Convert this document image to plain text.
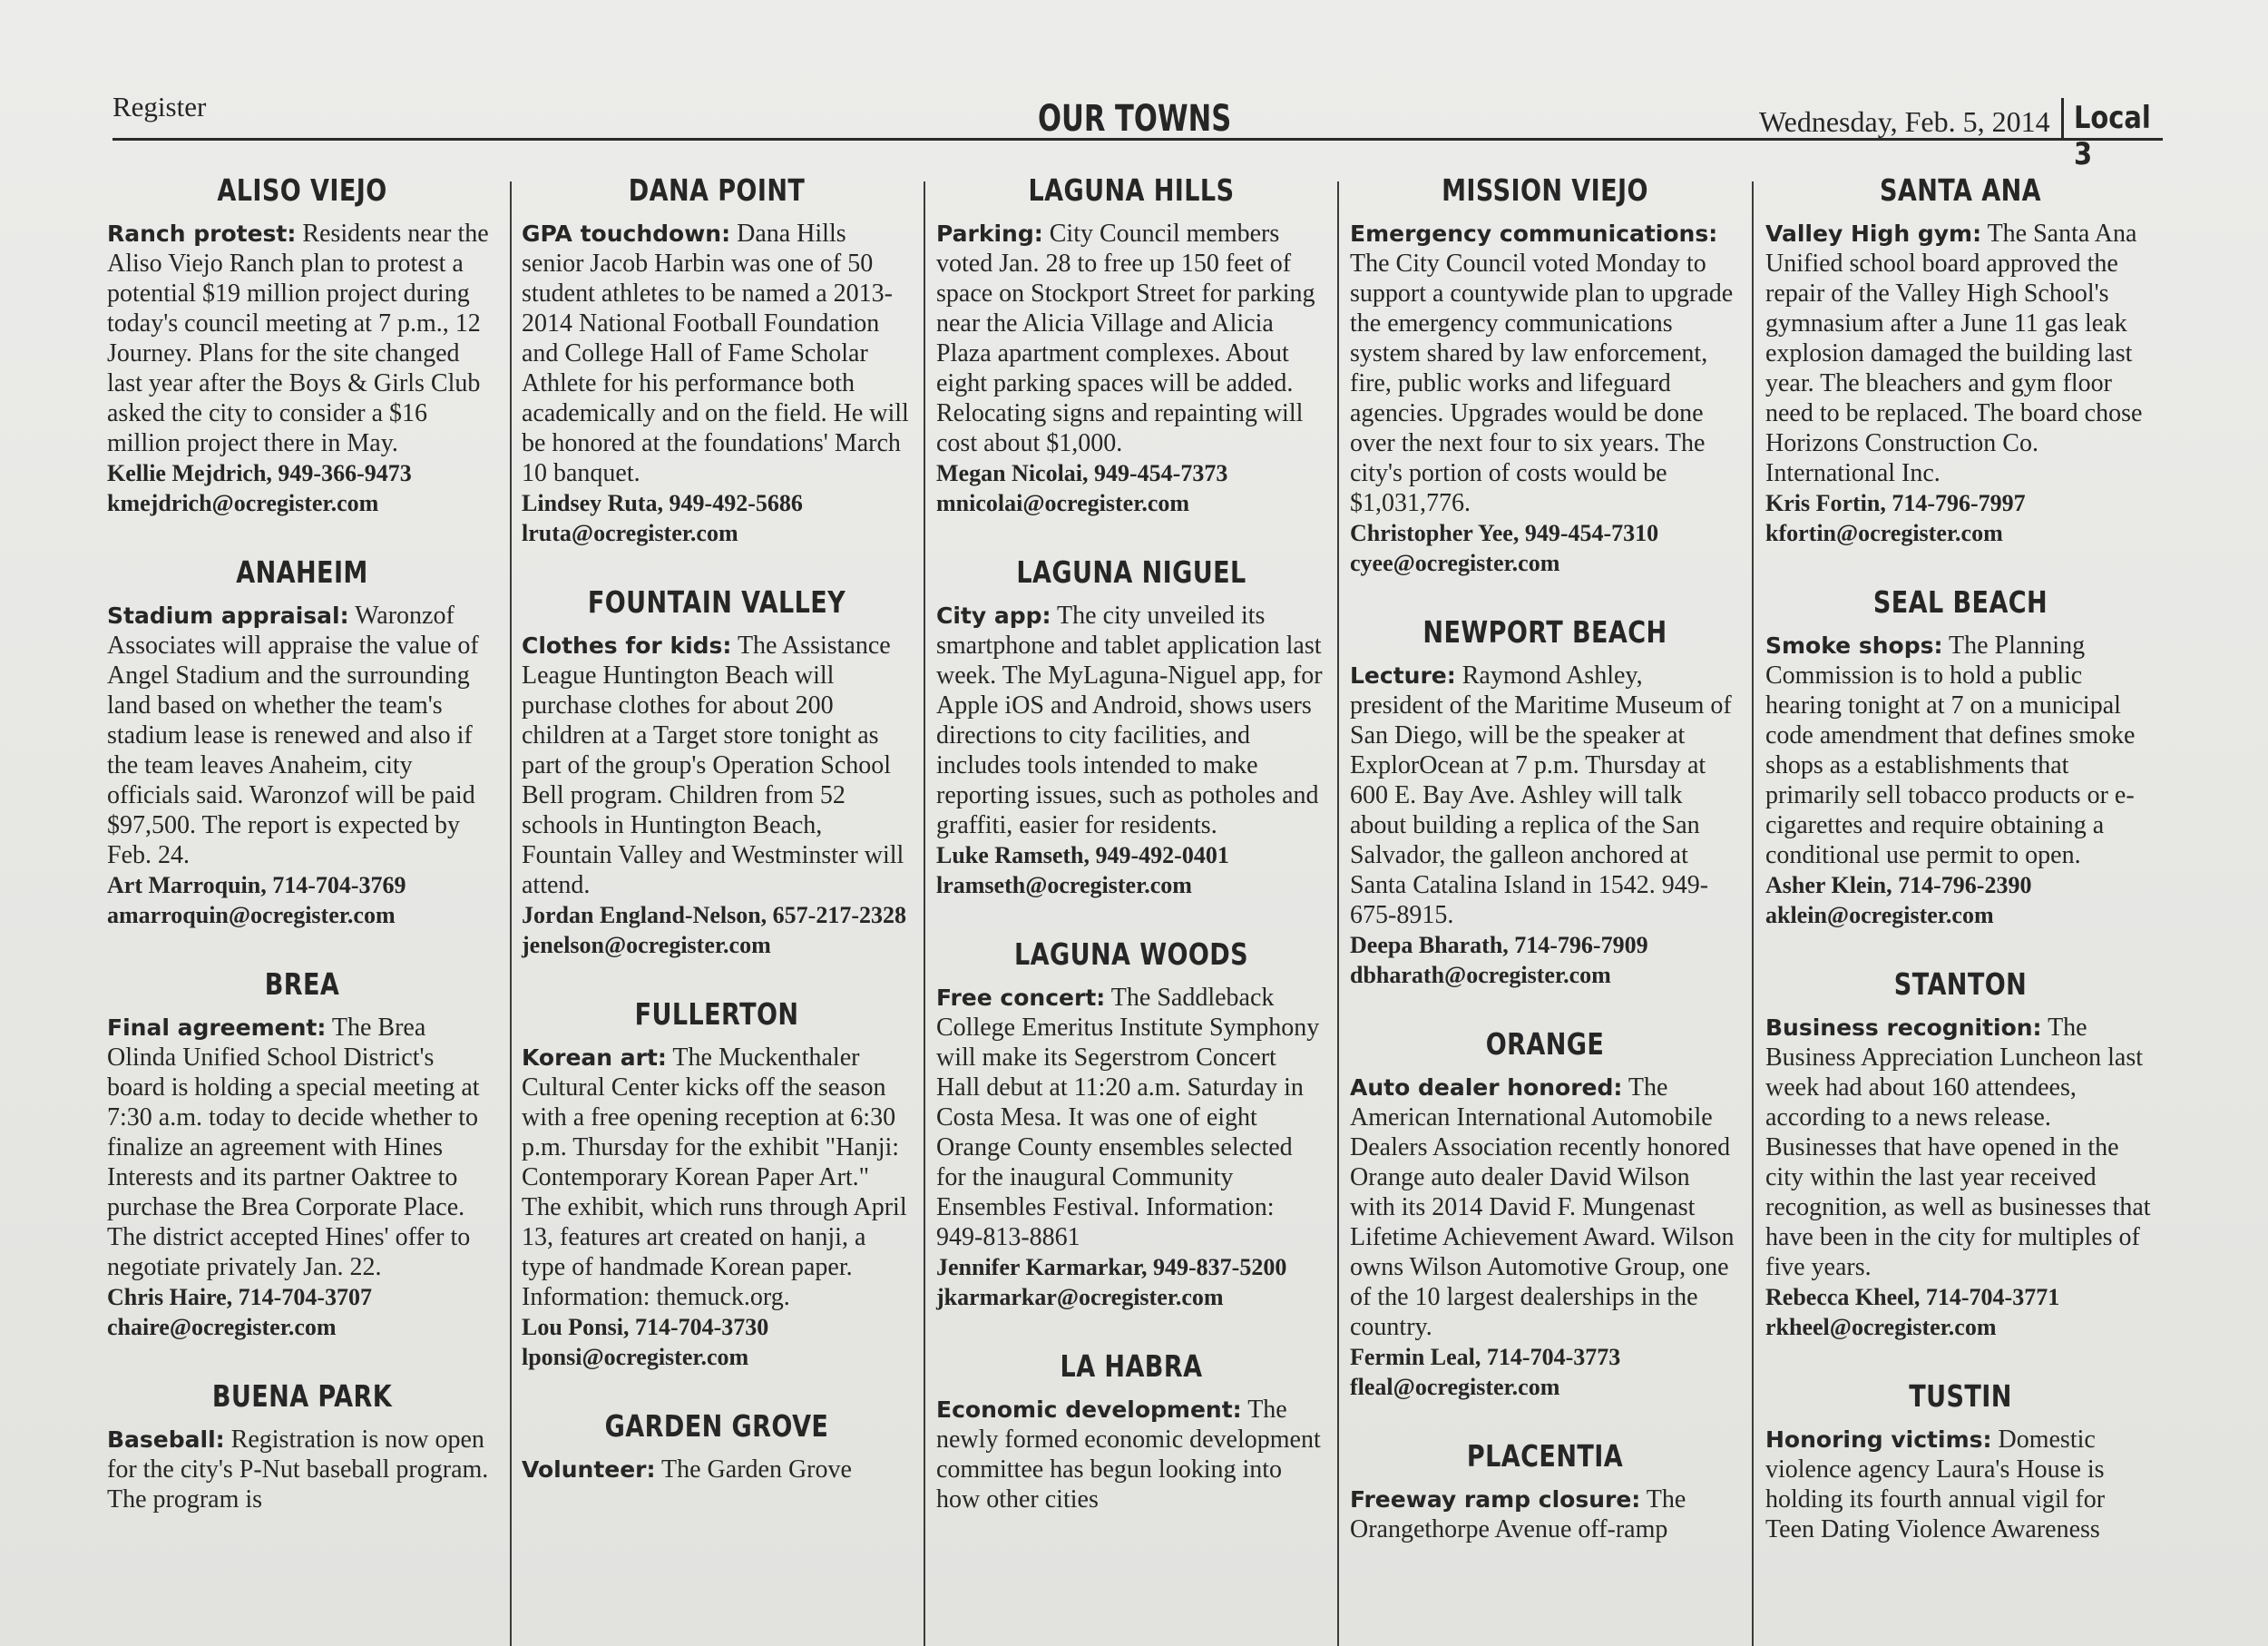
Register	OUR TOWNS	Wednesday, Feb. 5, 2014 Local 3
ALISO VIEJO

Ranch protest: Residents near the Aliso Viejo Ranch plan to protest a potential $19 million project during today's council meeting at 7 p.m., 12 Journey. Plans for the site changed last year after the Boys & Girls Club asked the city to consider a $16 million project there in May.

Kellie Mejdrich, 949-366-9473
kmejdrich@ocregister.com
ANAHEIM

Stadium appraisal: Waronzof Associates will appraise the value of Angel Stadium and the surrounding land based on whether the team's stadium lease is renewed and also if the team leaves Anaheim, city officials said. Waronzof will be paid $97,500. The report is expected by Feb. 24.

Art Marroquin, 714-704-3769
amarroquin@ocregister.com
BREA

Final agreement: The Brea Olinda Unified School District's board is holding a special meeting at 7:30 a.m. today to decide whether to finalize an agreement with Hines Interests and its partner Oaktree to purchase the Brea Corporate Place. The district accepted Hines' offer to negotiate privately Jan. 22.

Chris Haire, 714-704-3707
chaire@ocregister.com
BUENA PARK

Baseball: Registration is now open for the city's P-Nut baseball program. The program is

DANA POINT

GPA touchdown: Dana Hills senior Jacob Harbin was one of 50 student athletes to be named a 2013-2014 National Football Foundation and College Hall of Fame Scholar Athlete for his performance both academically and on the field. He will be honored at the foundations' March 10 banquet.

Lindsey Ruta, 949-492-5686
lruta@ocregister.com
FOUNTAIN VALLEY

Clothes for kids: The Assistance League Huntington Beach will purchase clothes for about 200 children at a Target store tonight as part of the group's Operation School Bell program. Children from 52 schools in Huntington Beach, Fountain Valley and Westminster will attend.

Jordan England-Nelson, 657-217-2328
jenelson@ocregister.com
FULLERTON

Korean art: The Muckenthaler Cultural Center kicks off the season with a free opening reception at 6:30 p.m. Thursday for the exhibit "Hanji: Contemporary Korean Paper Art." The exhibit, which runs through April 13, features art created on hanji, a type of handmade Korean paper. Information: themuck.org.

Lou Ponsi, 714-704-3730
lponsi@ocregister.com
GARDEN GROVE

Volunteer: The Garden Grove

LAGUNA HILLS

Parking: City Council members voted Jan. 28 to free up 150 feet of space on Stockport Street for parking near the Alicia Village and Alicia Plaza apartment complexes. About eight parking spaces will be added. Relocating signs and repainting will cost about $1,000.

Megan Nicolai, 949-454-7373
mnicolai@ocregister.com
LAGUNA NIGUEL

City app: The city unveiled its smartphone and tablet application last week. The MyLaguna-Niguel app, for Apple iOS and Android, shows users directions to city facilities, and includes tools intended to make reporting issues, such as potholes and graffiti, easier for residents.

Luke Ramseth, 949-492-0401
lramseth@ocregister.com
LAGUNA WOODS

Free concert: The Saddleback College Emeritus Institute Symphony will make its Segerstrom Concert Hall debut at 11:20 a.m. Saturday in Costa Mesa. It was one of eight Orange County ensembles selected for the inaugural Community Ensembles Festival. Information: 949-813-8861

Jennifer Karmarkar, 949-837-5200
jkarmarkar@ocregister.com
LA HABRA

Economic development: The newly formed economic development committee has begun looking into how other cities

MISSION VIEJO

Emergency communications: The City Council voted Monday to support a countywide plan to upgrade the emergency communications system shared by law enforcement, fire, public works and lifeguard agencies. Upgrades would be done over the next four to six years. The city's portion of costs would be $1,031,776.

Christopher Yee, 949-454-7310
cyee@ocregister.com
NEWPORT BEACH

Lecture: Raymond Ashley, president of the Maritime Museum of San Diego, will be the speaker at ExplorOcean at 7 p.m. Thursday at 600 E. Bay Ave. Ashley will talk about building a replica of the San Salvador, the galleon anchored at Santa Catalina Island in 1542. 949-675-8915.

Deepa Bharath, 714-796-7909
dbharath@ocregister.com
ORANGE

Auto dealer honored: The American International Automobile Dealers Association recently honored Orange auto dealer David Wilson with its 2014 David F. Mungenast Lifetime Achievement Award. Wilson owns Wilson Automotive Group, one of the 10 largest dealerships in the country.

Fermin Leal, 714-704-3773
fleal@ocregister.com
PLACENTIA

Freeway ramp closure: The Orangethorpe Avenue off-ramp

SANTA ANA

Valley High gym: The Santa Ana Unified school board approved the repair of the Valley High School's gymnasium after a June 11 gas leak explosion damaged the building last year. The bleachers and gym floor need to be replaced. The board chose Horizons Construction Co. International Inc.

Kris Fortin, 714-796-7997
kfortin@ocregister.com
SEAL BEACH

Smoke shops: The Planning Commission is to hold a public hearing tonight at 7 on a municipal code amendment that defines smoke shops as a establishments that primarily sell tobacco products or e-cigarettes and require obtaining a conditional use permit to open.

Asher Klein, 714-796-2390
aklein@ocregister.com
STANTON

Business recognition: The Business Appreciation Luncheon last week had about 160 attendees, according to a news release. Businesses that have opened in the city within the last year received recognition, as well as businesses that have been in the city for multiples of five years.

Rebecca Kheel, 714-704-3771
rkheel@ocregister.com
TUSTIN

Honoring victims: Domestic violence agency Laura's House is holding its fourth annual vigil for Teen Dating Violence Awareness
